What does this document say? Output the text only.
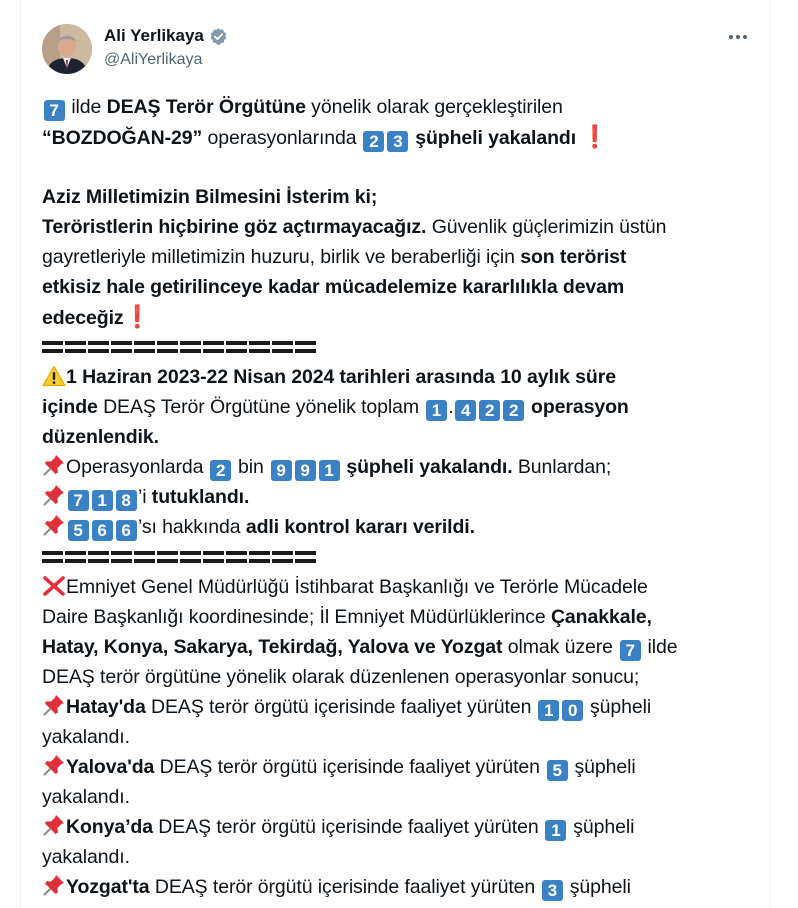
Ali Yerlikaya
@AliYerlikaya
7 ilde DEAŞ Terör Örgütüne yönelik olarak gerçekleştirilen
“BOZDOĞAN-29” operasyonlarında 2 3 şüpheli yakalandı ❗
Aziz Milletimizin Bilmesini İsterim ki;
Teröristlerin hiçbirine göz açtırmayacağız. Güvenlik güçlerimizin üstün
gayretleriyle milletimizin huzuru, birlik ve beraberliği için son terörist
etkisiz hale getirilinceye kadar mücadelemize kararlılıkla devam
edeceğiz❗
1 Haziran 2023-22 Nisan 2024 tarihleri arasında 10 aylık süre
içinde DEAŞ Terör Örgütüne yönelik toplam 1 . 4 2 2 operasyon
düzenlendik.
Operasyonlarda 2 bin 9 9 1 şüpheli yakalandı. Bunlardan;
7 1 8 ’i tutuklandı.
5 6 6 ’sı hakkında adli kontrol kararı verildi.
Emniyet Genel Müdürlüğü İstihbarat Başkanlığı ve Terörle Mücadele
Daire Başkanlığı koordinesinde; İl Emniyet Müdürlüklerince Çanakkale,
Hatay, Konya, Sakarya, Tekirdağ, Yalova ve Yozgat olmak üzere 7 ilde
DEAŞ terör örgütüne yönelik olarak düzenlenen operasyonlar sonucu;
Hatay'da DEAŞ terör örgütü içerisinde faaliyet yürüten 1 0 şüpheli
yakalandı.
Yalova'da DEAŞ terör örgütü içerisinde faaliyet yürüten 5 şüpheli
yakalandı.
Konya’da DEAŞ terör örgütü içerisinde faaliyet yürüten 1 şüpheli
yakalandı.
Yozgat'ta DEAŞ terör örgütü içerisinde faaliyet yürüten 3 şüpheli
